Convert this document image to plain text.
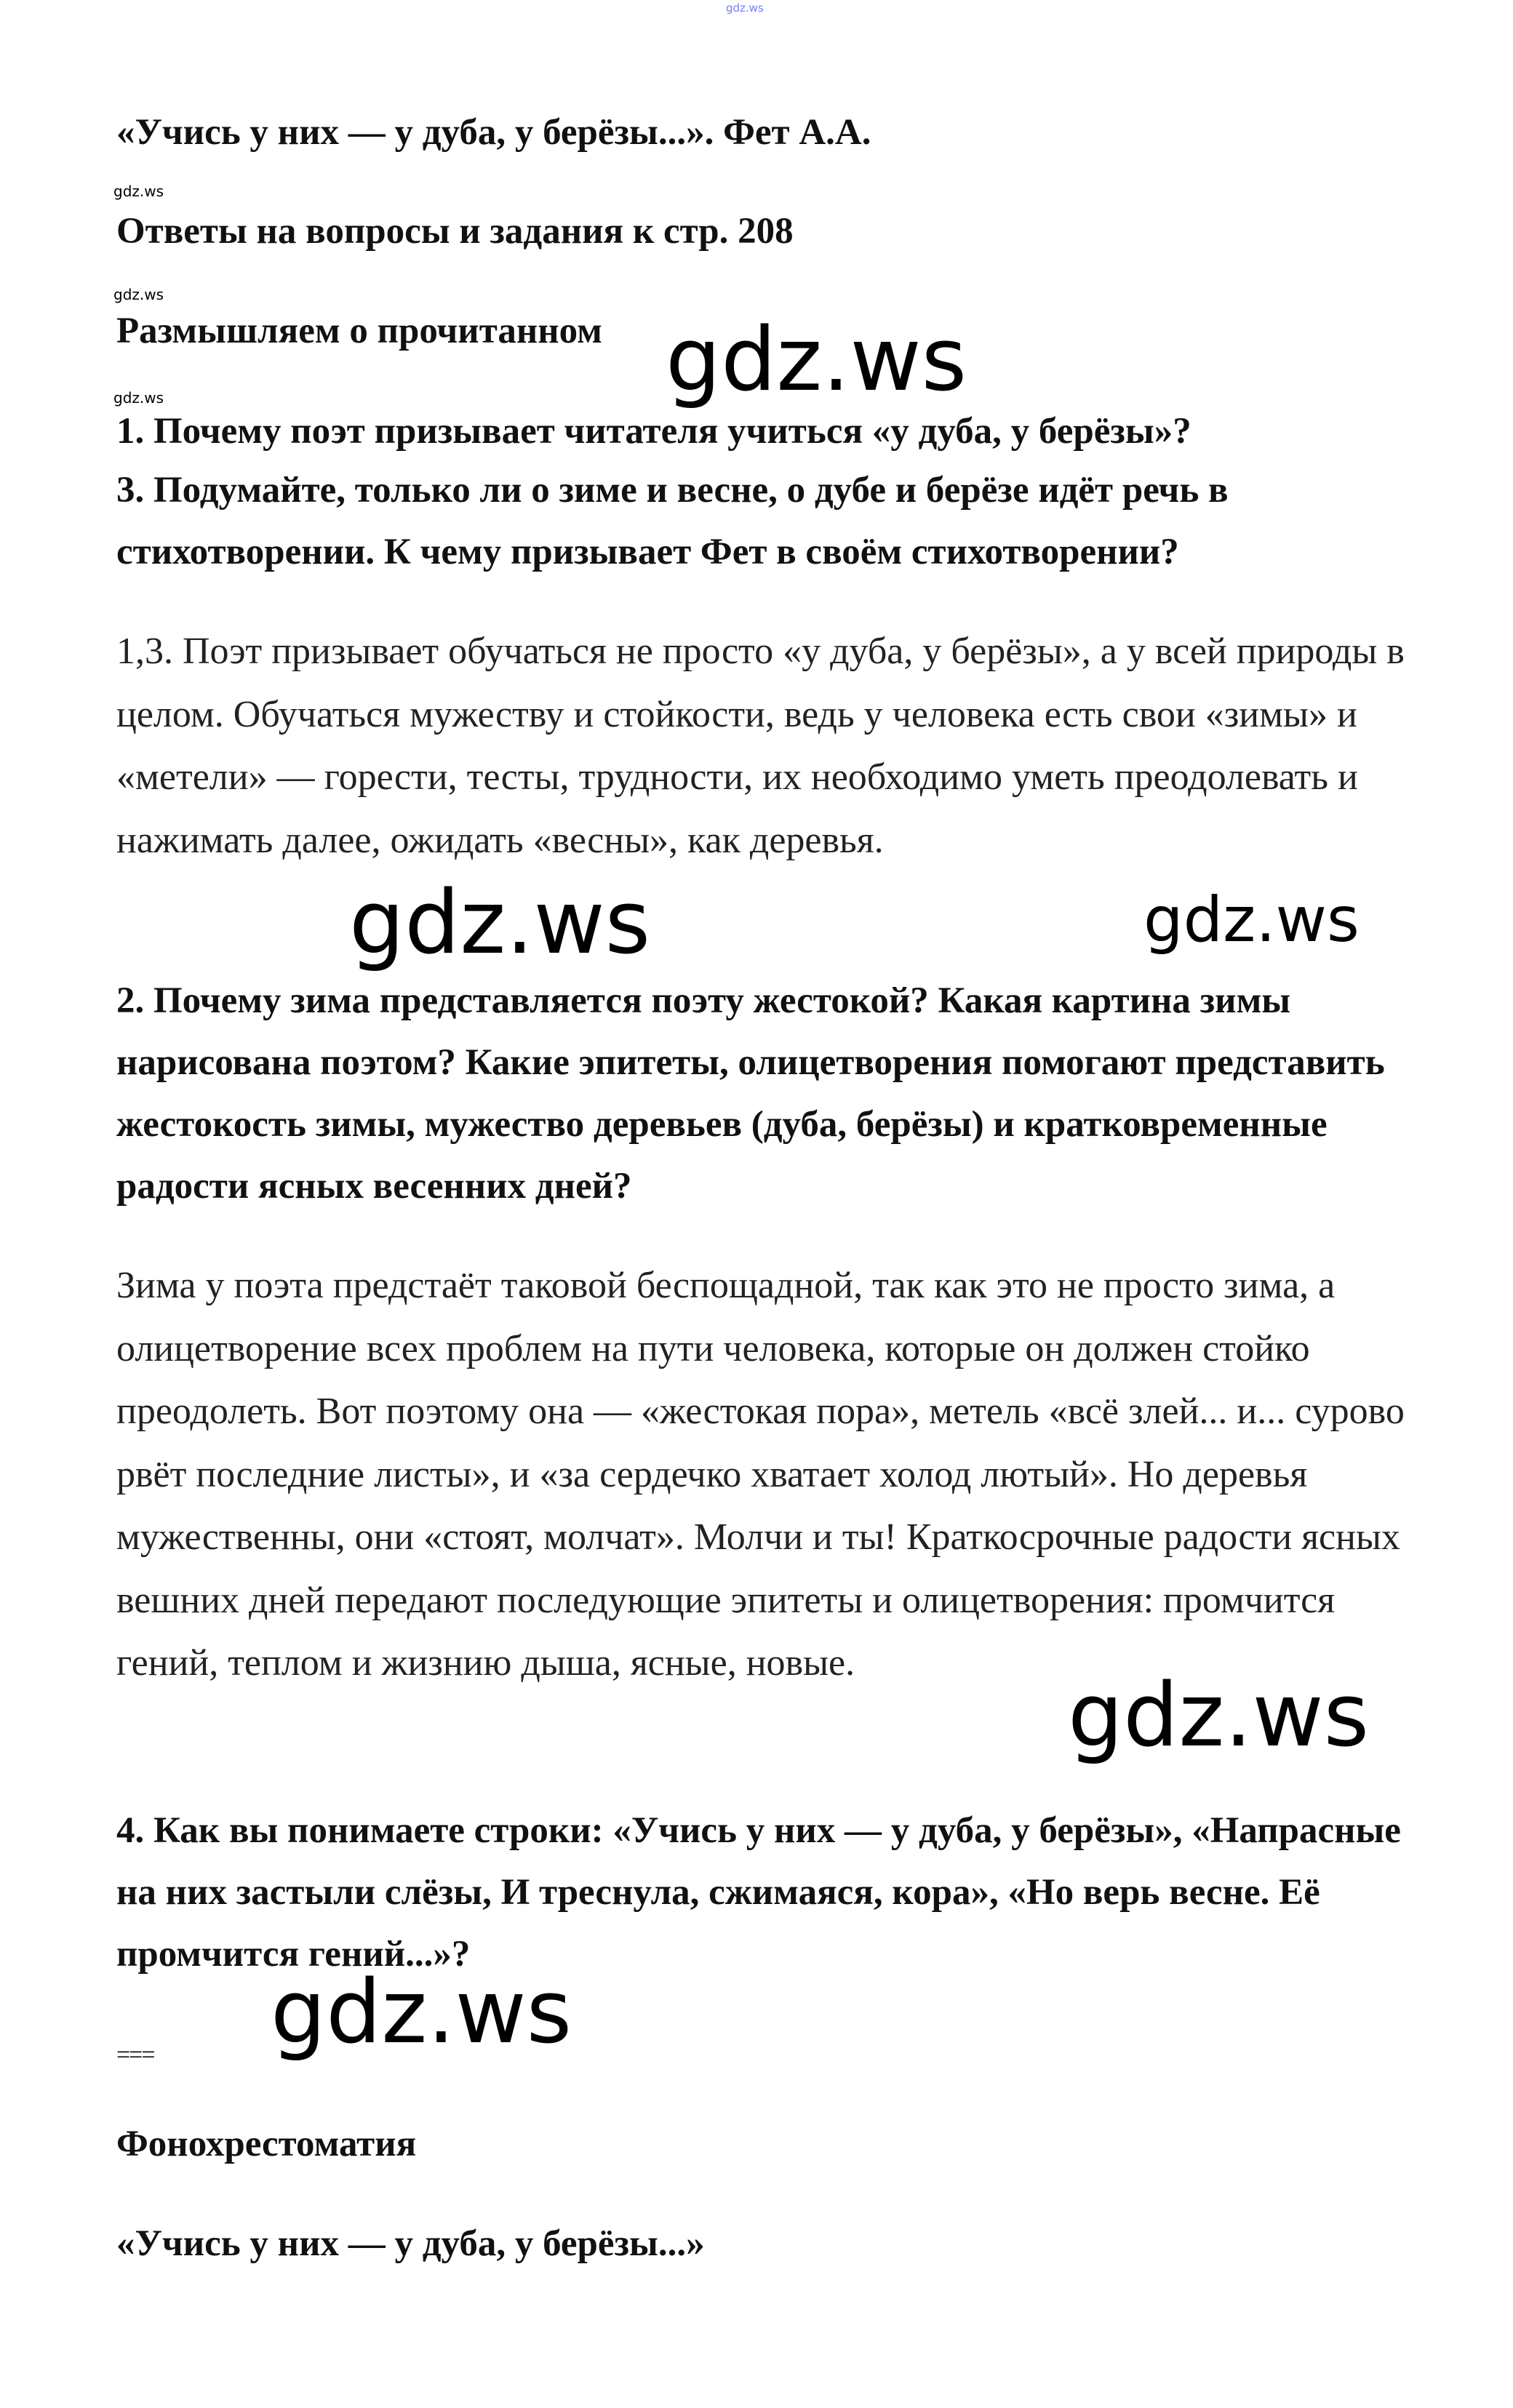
gdz.ws

«Учись у них — у дуба, у берёзы...». Фет А.А.

gdz.ws

Ответы на вопросы и задания к стр. 208

gdz.ws

Размышляем о прочитанном

gdz.ws

1. Почему поэт призывает читателя учиться «у дуба, у берёзы»?

3. Подумайте, только ли о зиме и весне, о дубе и берёзе идёт речь в стихотворении. К чему призывает Фет в своём стихотворении?

1,3. Поэт призывает обучаться не просто «у дуба, у берёзы», а у всей природы в целом. Обучаться мужеству и стойкости, ведь у человека есть свои «зимы» и «метели» — горести, тесты, трудности, их необходимо уметь преодолевать и нажимать далее, ожидать «весны», как деревья.

2. Почему зима представляется поэту жестокой? Какая картина зимы нарисована поэтом? Какие эпитеты, олицетворения помогают представить жестокость зимы, мужество деревьев (дуба, берёзы) и кратковременные радости ясных весенних дней?

Зима у поэта предстаёт таковой беспощадной, так как это не просто зима, а олицетворение всех проблем на пути человека, которые он должен стойко преодолеть. Вот поэтому она — «жестокая пора», метель «всё злей... и... сурово рвёт последние листы», и «за сердечко хватает холод лютый». Но деревья мужественны, они «стоят, молчат». Молчи и ты! Краткосрочные радости ясных вешних дней передают последующие эпитеты и олицетворения: промчится гений, теплом и жизнию дыша, ясные, новые.

4. Как вы понимаете строки: «Учись у них — у дуба, у берёзы», «Напрасные на них застыли слёзы, И треснула, сжимаяся, кора», «Но верь весне. Её промчится гений...»?

===

Фонохрестоматия

«Учись у них — у дуба, у берёзы...»

gdz.ws
gdz.ws	gdz.ws
gdz.ws
gdz.ws
